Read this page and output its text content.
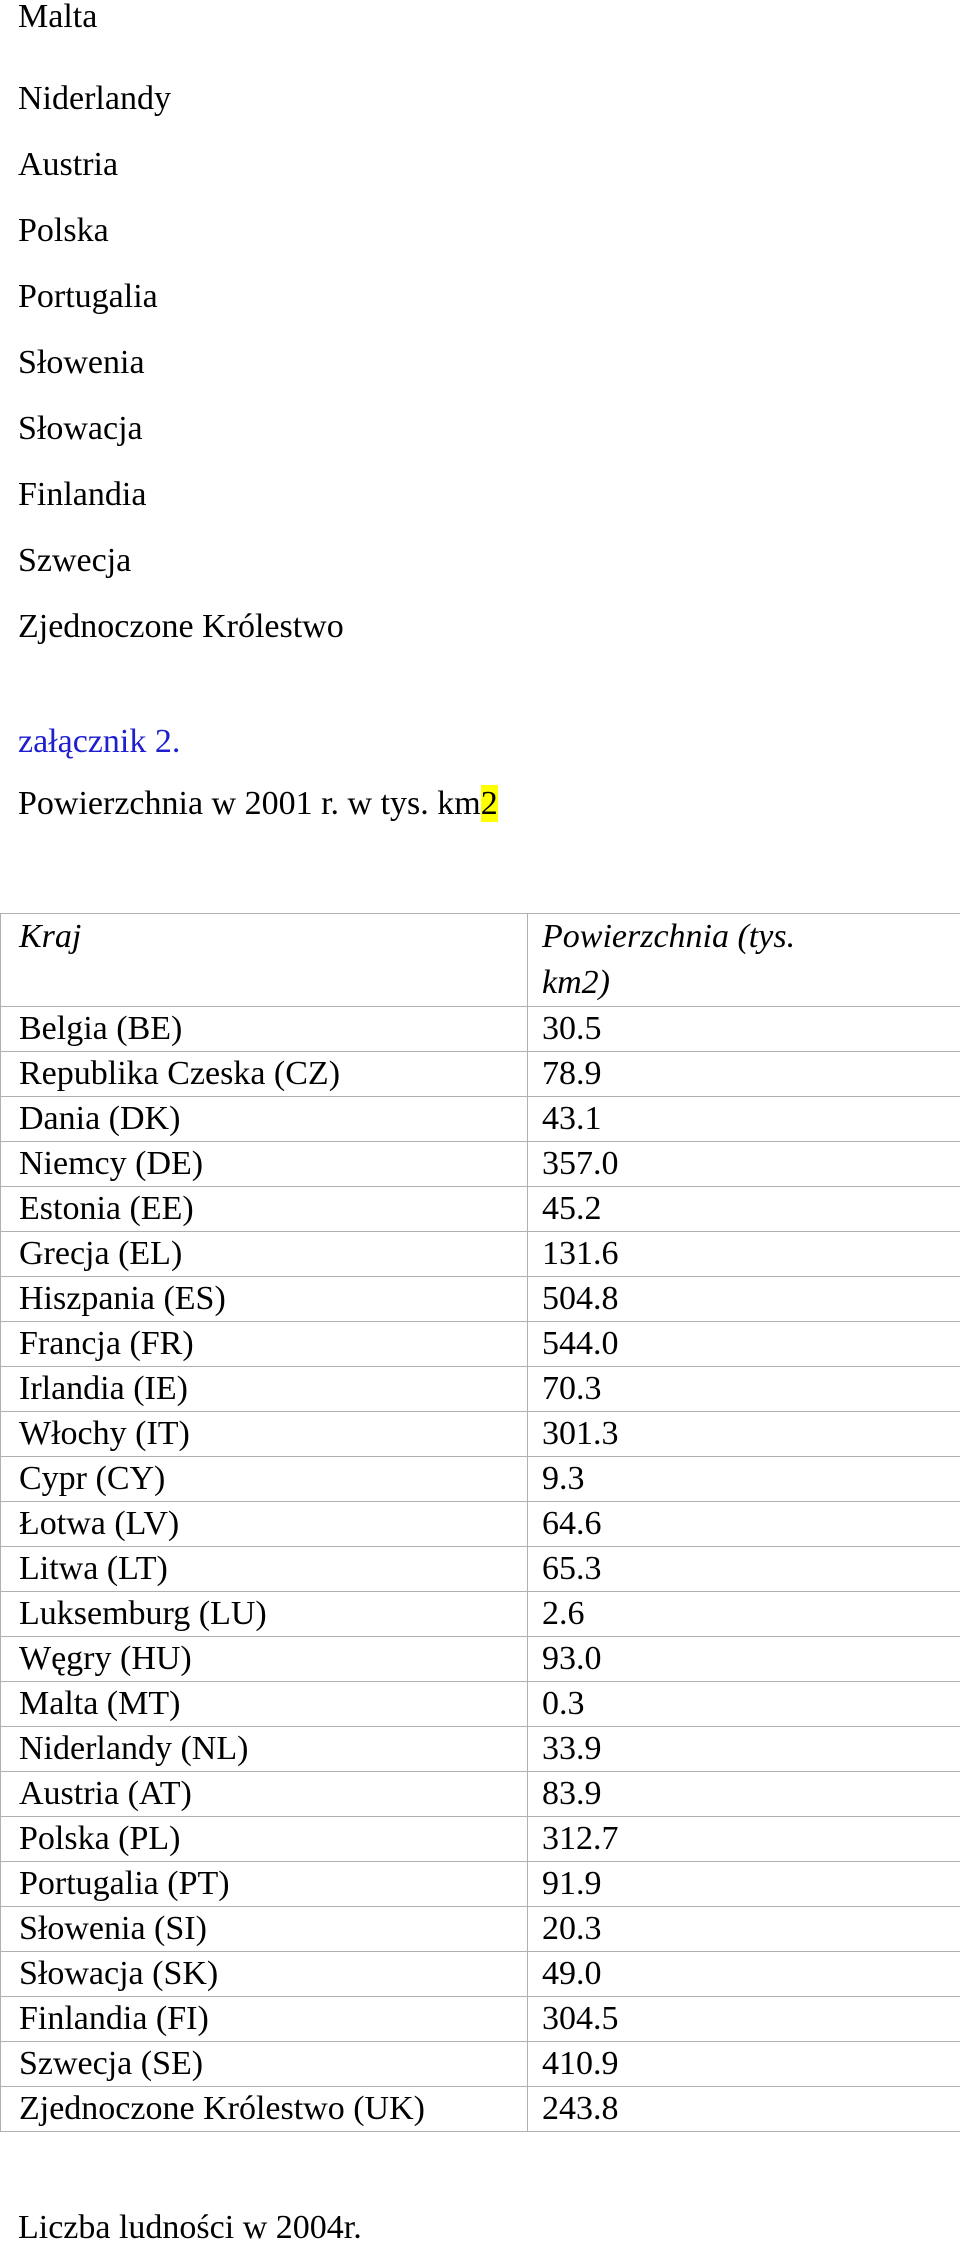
Malta
Niderlandy
Austria
Polska
Portugalia
Słowenia
Słowacja
Finlandia
Szwecja
Zjednoczone Królestwo
załącznik 2.
Powierzchnia w 2001 r. w tys. km2
Kraj	Powierzchnia (tys.
km2)

Belgia (BE)	30.5
Republika Czeska (CZ)	78.9
Dania (DK)	43.1
Niemcy (DE)	357.0
Estonia (EE)	45.2
Grecja (EL)	131.6
Hiszpania (ES)	504.8
Francja (FR)	544.0
Irlandia (IE)	70.3
Włochy (IT)	301.3
Cypr (CY)	9.3
Łotwa (LV)	64.6
Litwa (LT)	65.3
Luksemburg (LU)	2.6
Węgry (HU)	93.0
Malta (MT)	0.3
Niderlandy (NL)	33.9
Austria (AT)	83.9
Polska (PL)	312.7
Portugalia (PT)	91.9
Słowenia (SI)	20.3
Słowacja (SK)	49.0
Finlandia (FI)	304.5
Szwecja (SE)	410.9
Zjednoczone Królestwo (UK)	243.8
Liczba ludności w 2004r.
